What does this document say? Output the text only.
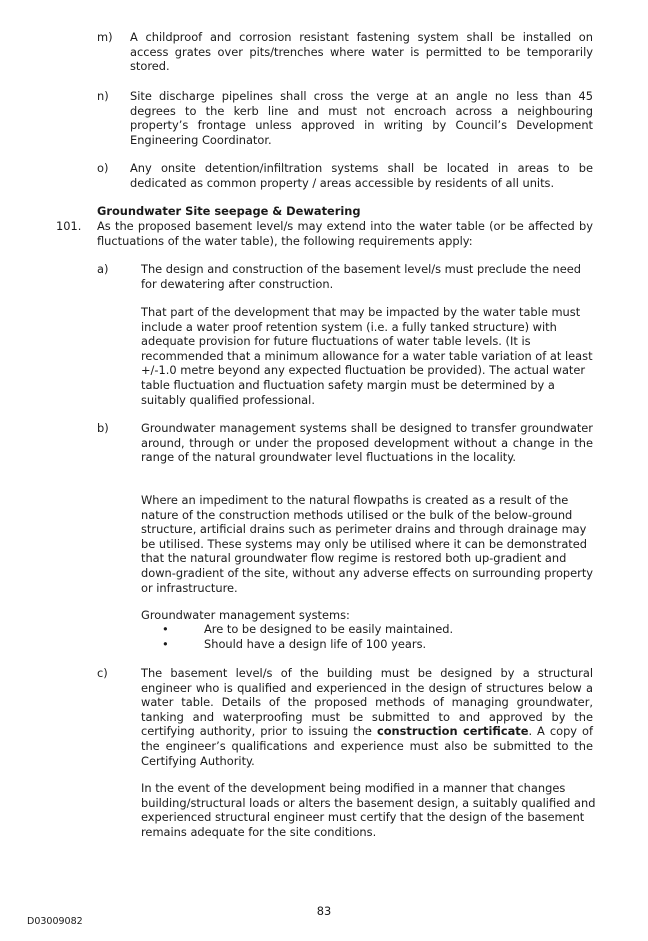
m) A childproof and corrosion resistant fastening system shall be installed on access grates over pits/trenches where water is permitted to be temporarily stored.

n) Site discharge pipelines shall cross the verge at an angle no less than 45 degrees to the kerb line and must not encroach across a neighbouring property’s frontage unless approved in writing by Council’s Development Engineering Coordinator.

o) Any onsite detention/infiltration systems shall be located in areas to be dedicated as common property / areas accessible by residents of all units.

Groundwater Site seepage & Dewatering

101. As the proposed basement level/s may extend into the water table (or be affected by fluctuations of the water table), the following requirements apply:

a)	The design and construction of the basement level/s must preclude the need for dewatering after construction.

That part of the development that may be impacted by the water table must include a water proof retention system (i.e. a fully tanked structure) with adequate provision for future fluctuations of water table levels. (It is recommended that a minimum allowance for a water table variation of at least +/-1.0 metre beyond any expected fluctuation be provided). The actual water table fluctuation and fluctuation safety margin must be determined by a suitably qualified professional.

b)	Groundwater management systems shall be designed to transfer groundwater around, through or under the proposed development without a change in the range of the natural groundwater level fluctuations in the locality.

Where an impediment to the natural flowpaths is created as a result of the nature of the construction methods utilised or the bulk of the below-ground structure, artificial drains such as perimeter drains and through drainage may be utilised. These systems may only be utilised where it can be demonstrated that the natural groundwater flow regime is restored both up-gradient and down-gradient of the site, without any adverse effects on surrounding property or infrastructure.

Groundwater management systems:

•	Are to be designed to be easily maintained.

•	Should have a design life of 100 years.

c)	The basement level/s of the building must be designed by a structural engineer who is qualified and experienced in the design of structures below a water table. Details of the proposed methods of managing groundwater, tanking and waterproofing must be submitted to and approved by the certifying authority, prior to issuing the construction certificate. A copy of the engineer’s qualifications and experience must also be submitted to the Certifying Authority.

In the event of the development being modified in a manner that changes building/structural loads or alters the basement design, a suitably qualified and experienced structural engineer must certify that the design of the basement remains adequate for the site conditions.

83
D03009082
